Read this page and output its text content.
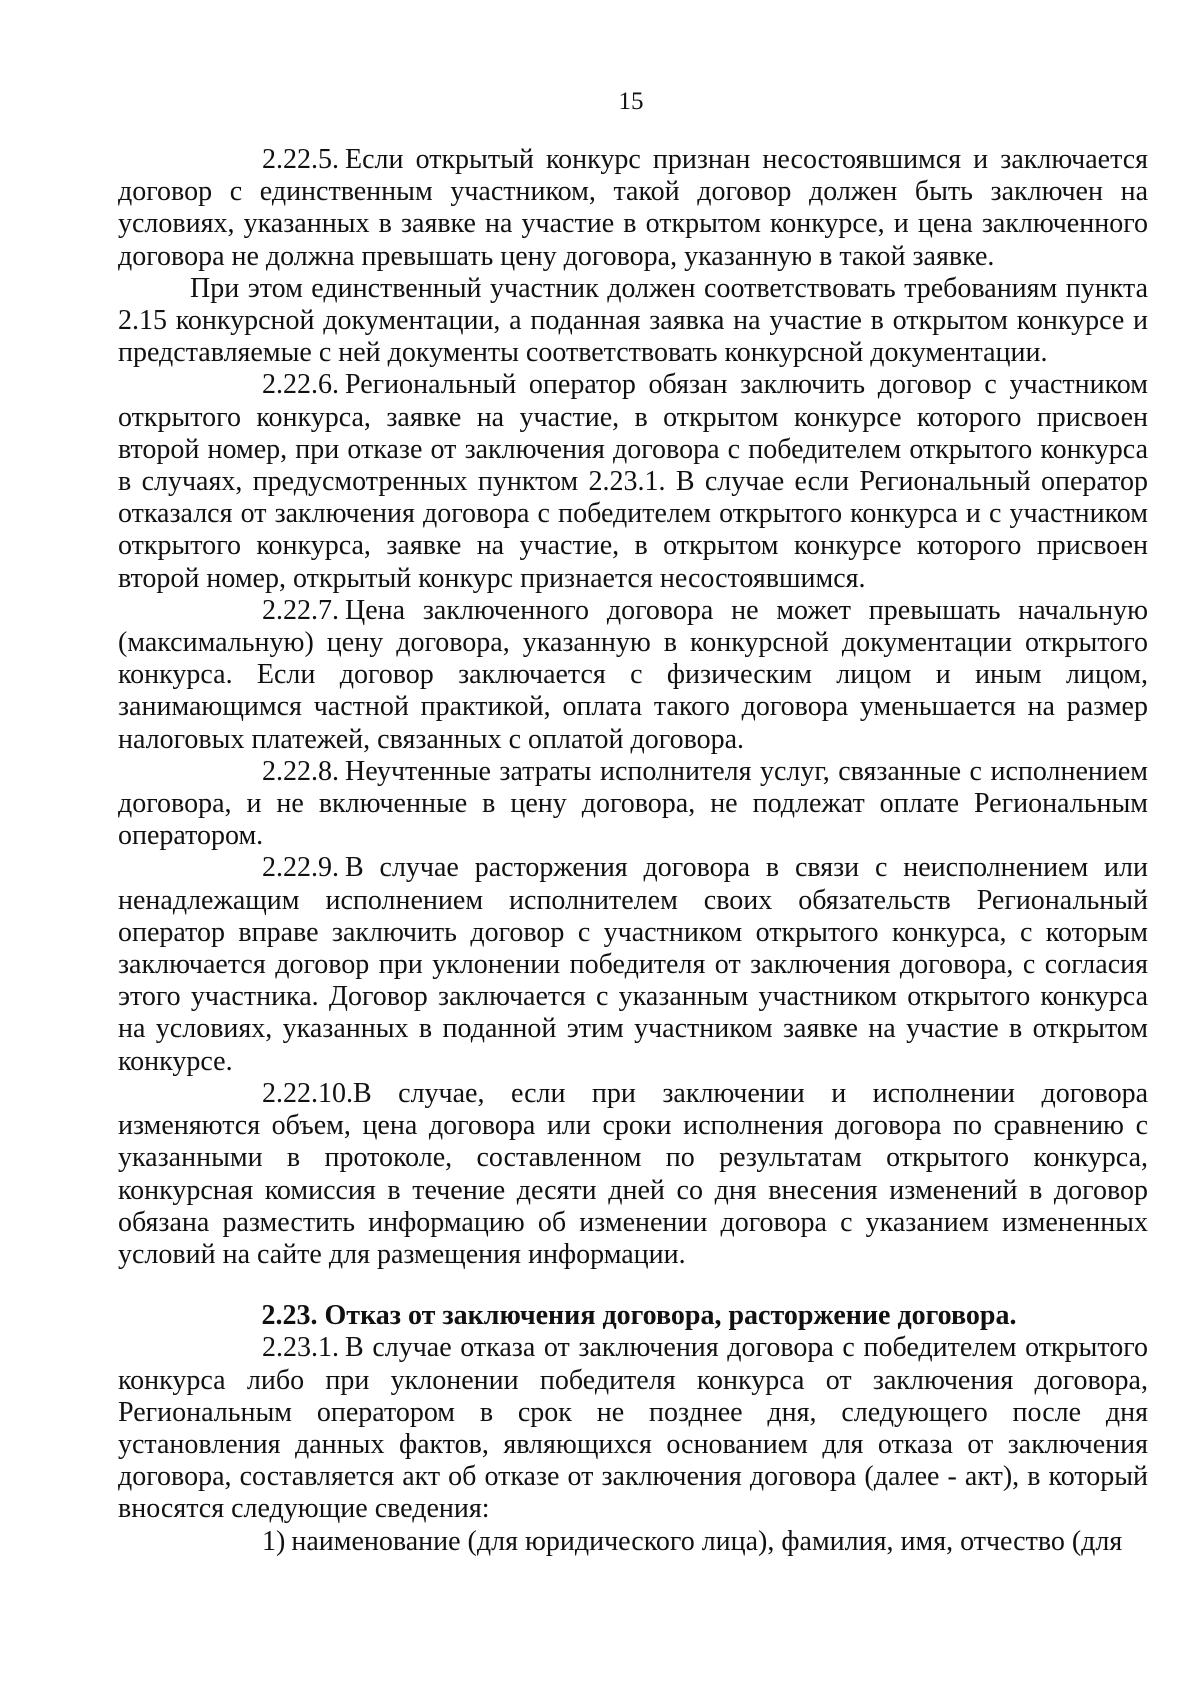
15

2.22.5. Если открытый конкурс признан несостоявшимся и заключается договор с единственным участником, такой договор должен быть заключен на условиях, указанных в заявке на участие в открытом конкурсе, и цена заключенного договора не должна превышать цену договора, указанную в такой заявке.

При этом единственный участник должен соответствовать требованиям пункта 2.15 конкурсной документации, а поданная заявка на участие в открытом конкурсе и представляемые с ней документы соответствовать конкурсной документации.

2.22.6. Региональный оператор обязан заключить договор с участником открытого конкурса, заявке на участие, в открытом конкурсе которого присвоен второй номер, при отказе от заключения договора с победителем открытого конкурса в случаях, предусмотренных пунктом 2.23.1. В случае если Региональный оператор отказался от заключения договора с победителем открытого конкурса и с участником открытого конкурса, заявке на участие, в открытом конкурсе которого присвоен второй номер, открытый конкурс признается несостоявшимся.

2.22.7. Цена заключенного договора не может превышать начальную (максимальную) цену договора, указанную в конкурсной документации открытого конкурса. Если договор заключается с физическим лицом и иным лицом, занимающимся частной практикой, оплата такого договора уменьшается на размер налоговых платежей, связанных с оплатой договора.

2.22.8. Неучтенные затраты исполнителя услуг, связанные с исполнением договора, и не включенные в цену договора, не подлежат оплате Региональным оператором.

2.22.9. В случае расторжения договора в связи с неисполнением или ненадлежащим исполнением исполнителем своих обязательств Региональный оператор вправе заключить договор с участником открытого конкурса, с которым заключается договор при уклонении победителя от заключения договора, с согласия этого участника. Договор заключается с указанным участником открытого конкурса на условиях, указанных в поданной этим участником заявке на участие в открытом конкурсе.

2.22.10.В случае, если при заключении и исполнении договора изменяются объем, цена договора или сроки исполнения договора по сравнению с указанными в протоколе, составленном по результатам открытого конкурса, конкурсная комиссия в течение десяти дней со дня внесения изменений в договор обязана разместить информацию об изменении договора с указанием измененных условий на сайте для размещения информации.

2.23. Отказ от заключения договора, расторжение договора.

2.23.1. В случае отказа от заключения договора с победителем открытого конкурса либо при уклонении победителя конкурса от заключения договора, Региональным оператором в срок не позднее дня, следующего после дня установления данных фактов, являющихся основанием для отказа от заключения договора, составляется акт об отказе от заключения договора (далее - акт), в который вносятся следующие сведения:

1) наименование (для юридического лица), фамилия, имя, отчество (для
